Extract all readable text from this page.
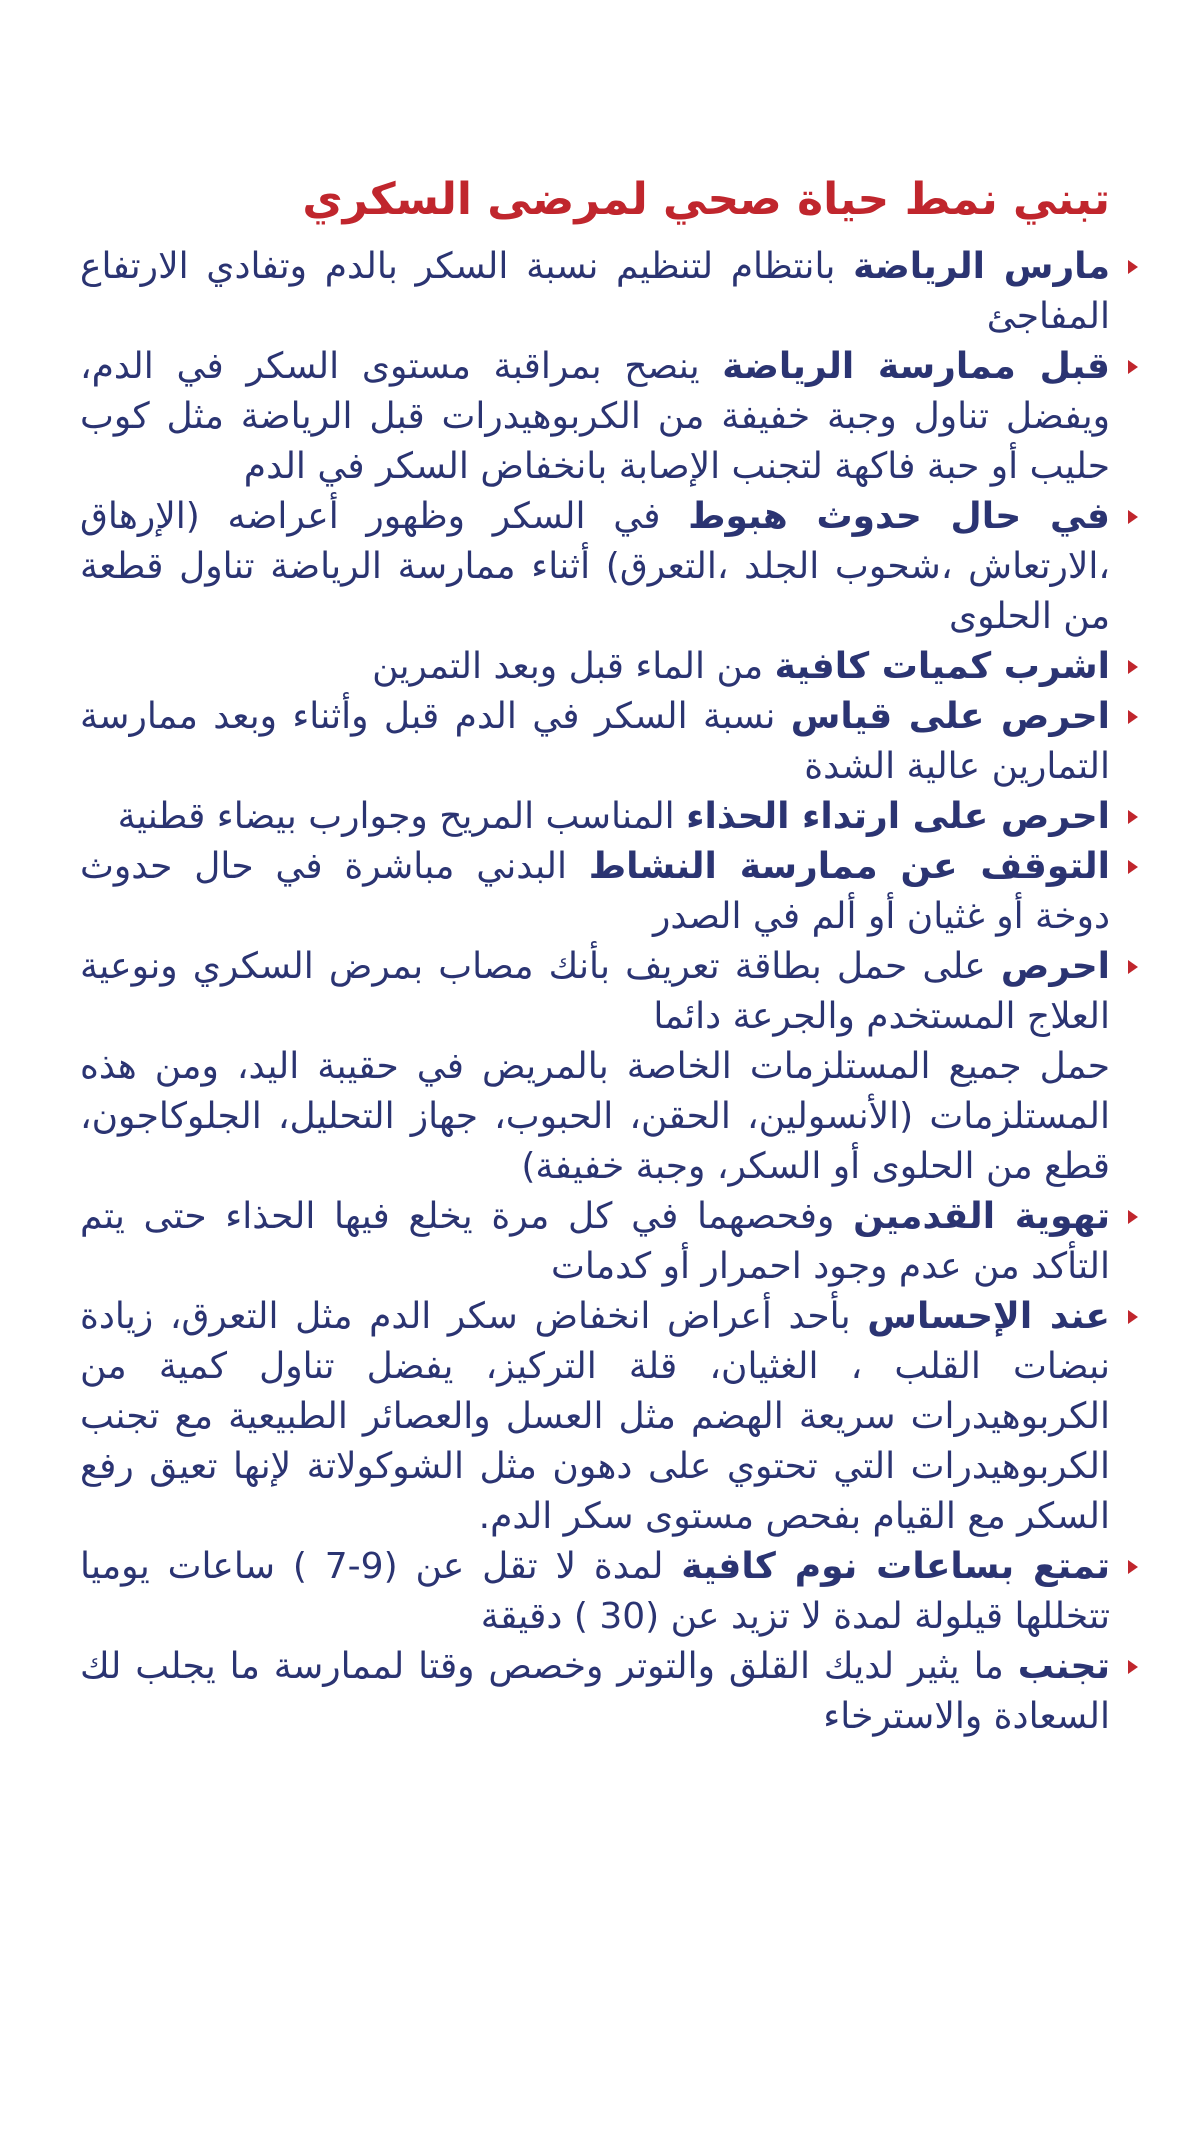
تبني نمط حياة صحي لمرضى السكري
مارس الرياضة بانتظام لتنظيم نسبة السكر بالدم وتفادي الارتفاع المفاجئ
قبل ممارسة الرياضة ينصح بمراقبة مستوى السكر في الدم، ويفضل تناول وجبة خفيفة من الكربوهيدرات قبل الرياضة مثل كوب حليب أو حبة فاكهة لتجنب الإصابة بانخفاض السكر في الدم
في حال حدوث هبوط في السكر وظهور أعراضه (الإرهاق ،الارتعاش ،شحوب الجلد ،التعرق) أثناء ممارسة الرياضة تناول قطعة من الحلوى
اشرب كميات كافية من الماء قبل وبعد التمرين
احرص على قياس نسبة السكر في الدم قبل وأثناء وبعد ممارسة التمارين عالية الشدة
احرص على ارتداء الحذاء المناسب المريح وجوارب بيضاء قطنية
التوقف عن ممارسة النشاط البدني مباشرة في حال حدوث دوخة أو غثيان أو ألم في الصدر
احرص على حمل بطاقة تعريف بأنك مصاب بمرض السكري ونوعية العلاج المستخدم والجرعة دائما
حمل جميع المستلزمات الخاصة بالمريض في حقيبة اليد، ومن هذه المستلزمات (الأنسولين، الحقن، الحبوب، جهاز التحليل، الجلوكاجون، قطع من الحلوى أو السكر، وجبة خفيفة)
تهوية القدمين وفحصهما في كل مرة يخلع فيها الحذاء حتى يتم التأكد من عدم وجود احمرار أو كدمات
عند الإحساس بأحد أعراض انخفاض سكر الدم مثل التعرق، زيادة نبضات القلب ، الغثيان، قلة التركيز، يفضل تناول كمية من الكربوهيدرات سريعة الهضم مثل العسل والعصائر الطبيعية مع تجنب الكربوهيدرات التي تحتوي على دهون مثل الشوكولاتة لإنها تعيق رفع السكر مع القيام بفحص مستوى سكر الدم.
تمتع بساعات نوم كافية لمدة لا تقل عن (9-7 ) ساعات يوميا تتخللها قيلولة لمدة لا تزيد عن (30 ) دقيقة
تجنب ما يثير لديك القلق والتوتر وخصص وقتا لممارسة ما يجلب لك السعادة والاسترخاء
